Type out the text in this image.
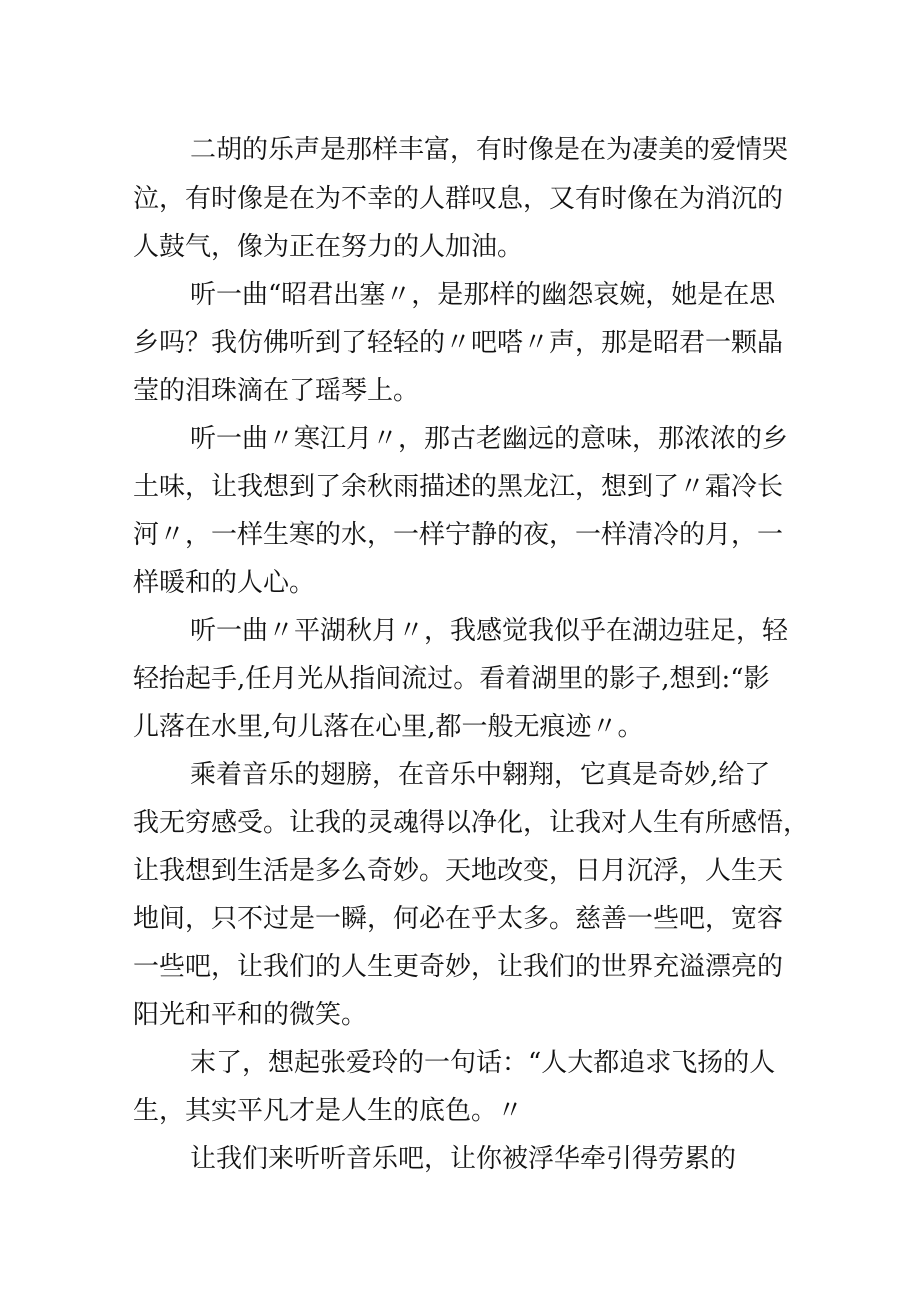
二胡的乐声是那样丰富，有时像是在为凄美的爱情哭

泣，有时像是在为不幸的人群叹息，又有时像在为消沉的

人鼓气，像为正在努力的人加油。

听一曲“昭君出塞〃，是那样的幽怨哀婉，她是在思

乡吗？我仿佛听到了轻轻的〃吧嗒〃声，那是昭君一颗晶

莹的泪珠滴在了瑶琴上。

听一曲〃寒江月〃，那古老幽远的意味，那浓浓的乡

土味，让我想到了余秋雨描述的黑龙江，想到了〃霜冷长

河〃，一样生寒的水，一样宁静的夜，一样清冷的月，一

样暖和的人心。

听一曲〃平湖秋月〃，我感觉我似乎在湖边驻足，轻

轻抬起手,任月光从指间流过。看着湖里的影子,想到:“影

儿落在水里,句儿落在心里,都一般无痕迹〃。

乘着音乐的翅膀，在音乐中翱翔，它真是奇妙,给了

我无穷感受。让我的灵魂得以净化，让我对人生有所感悟，

让我想到生活是多么奇妙。天地改变，日月沉浮，人生天

地间，只不过是一瞬，何必在乎太多。慈善一些吧，宽容

一些吧，让我们的人生更奇妙，让我们的世界充溢漂亮的

阳光和平和的微笑。

末了，想起张爱玲的一句话：“人大都追求飞扬的人

生，其实平凡才是人生的底色。〃

让我们来听听音乐吧，让你被浮华牵引得劳累的
